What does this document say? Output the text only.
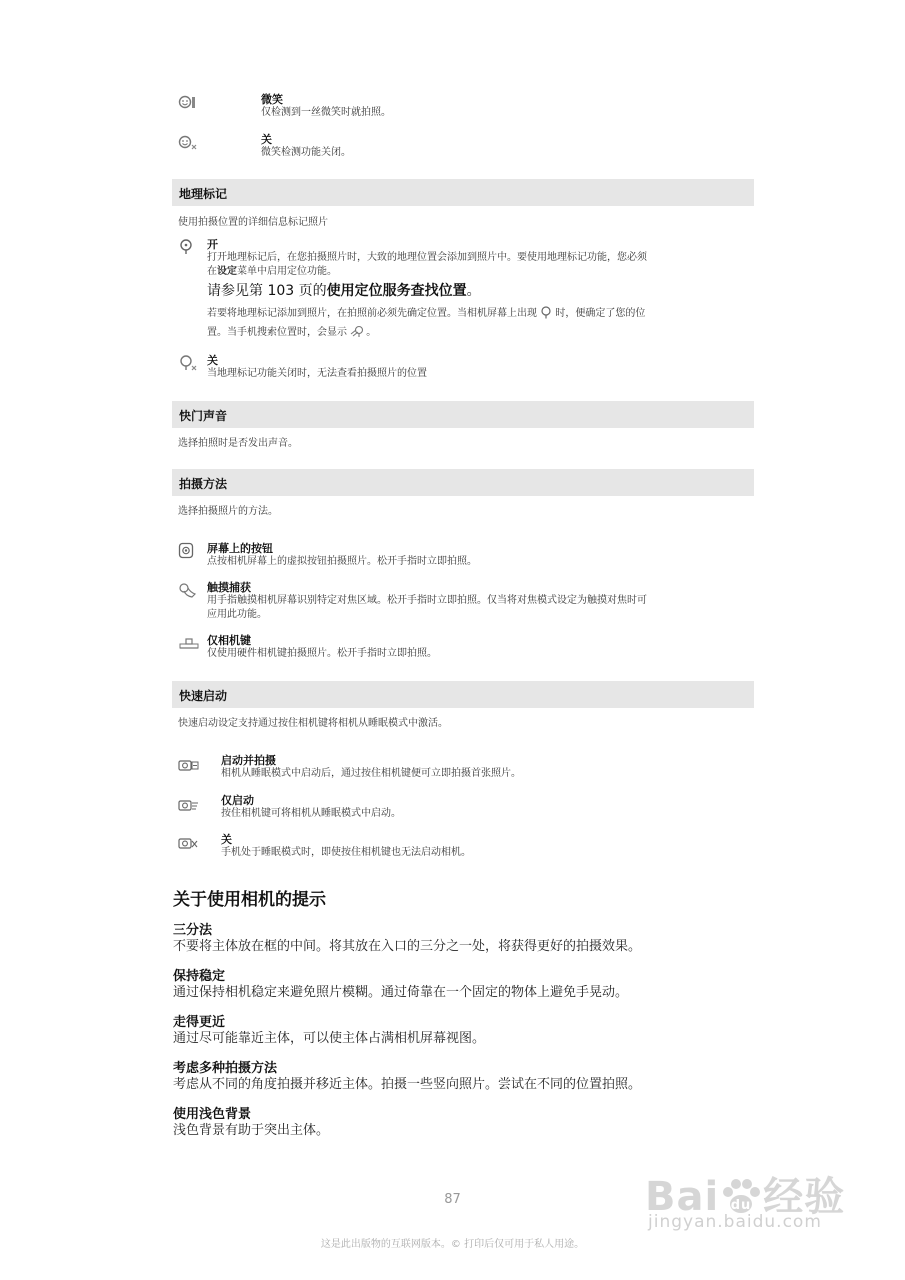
微笑
仅检测到一丝微笑时就拍照。
关
微笑检测功能关闭。
地理标记
使用拍摄位置的详细信息标记照片
开
打开地理标记后，在您拍摄照片时，大致的地理位置会添加到照片中。要使用地理标记功能，您必须
在设定菜单中启用定位功能。
请参见第 103 页的使用定位服务查找位置。
若要将地理标记添加到照片，在拍照前必须先确定位置。当相机屏幕上出现 时，便确定了您的位
置。当手机搜索位置时，会显示 。
关
当地理标记功能关闭时，无法查看拍摄照片的位置
快门声音
选择拍照时是否发出声音。
拍摄方法
选择拍摄照片的方法。
屏幕上的按钮
点按相机屏幕上的虚拟按钮拍摄照片。松开手指时立即拍照。
触摸捕获
用手指触摸相机屏幕识别特定对焦区域。松开手指时立即拍照。仅当将对焦模式设定为触摸对焦时可
应用此功能。
仅相机键
仅使用硬件相机键拍摄照片。松开手指时立即拍照。
快速启动
快速启动设定支持通过按住相机键将相机从睡眠模式中激活。
启动并拍摄
相机从睡眠模式中启动后，通过按住相机键便可立即拍摄首张照片。
仅启动
按住相机键可将相机从睡眠模式中启动。
关
手机处于睡眠模式时，即使按住相机键也无法启动相机。
关于使用相机的提示
三分法
不要将主体放在框的中间。将其放在入口的三分之一处，将获得更好的拍摄效果。
保持稳定
通过保持相机稳定来避免照片模糊。通过倚靠在一个固定的物体上避免手晃动。
走得更近
通过尽可能靠近主体，可以使主体占满相机屏幕视图。
考虑多种拍摄方法
考虑从不同的角度拍摄并移近主体。拍摄一些竖向照片。尝试在不同的位置拍照。
使用浅色背景
浅色背景有助于突出主体。
87
这是此出版物的互联网版本。© 打印后仅可用于私人用途。
Bai du 经验
jingyan.baidu.com
